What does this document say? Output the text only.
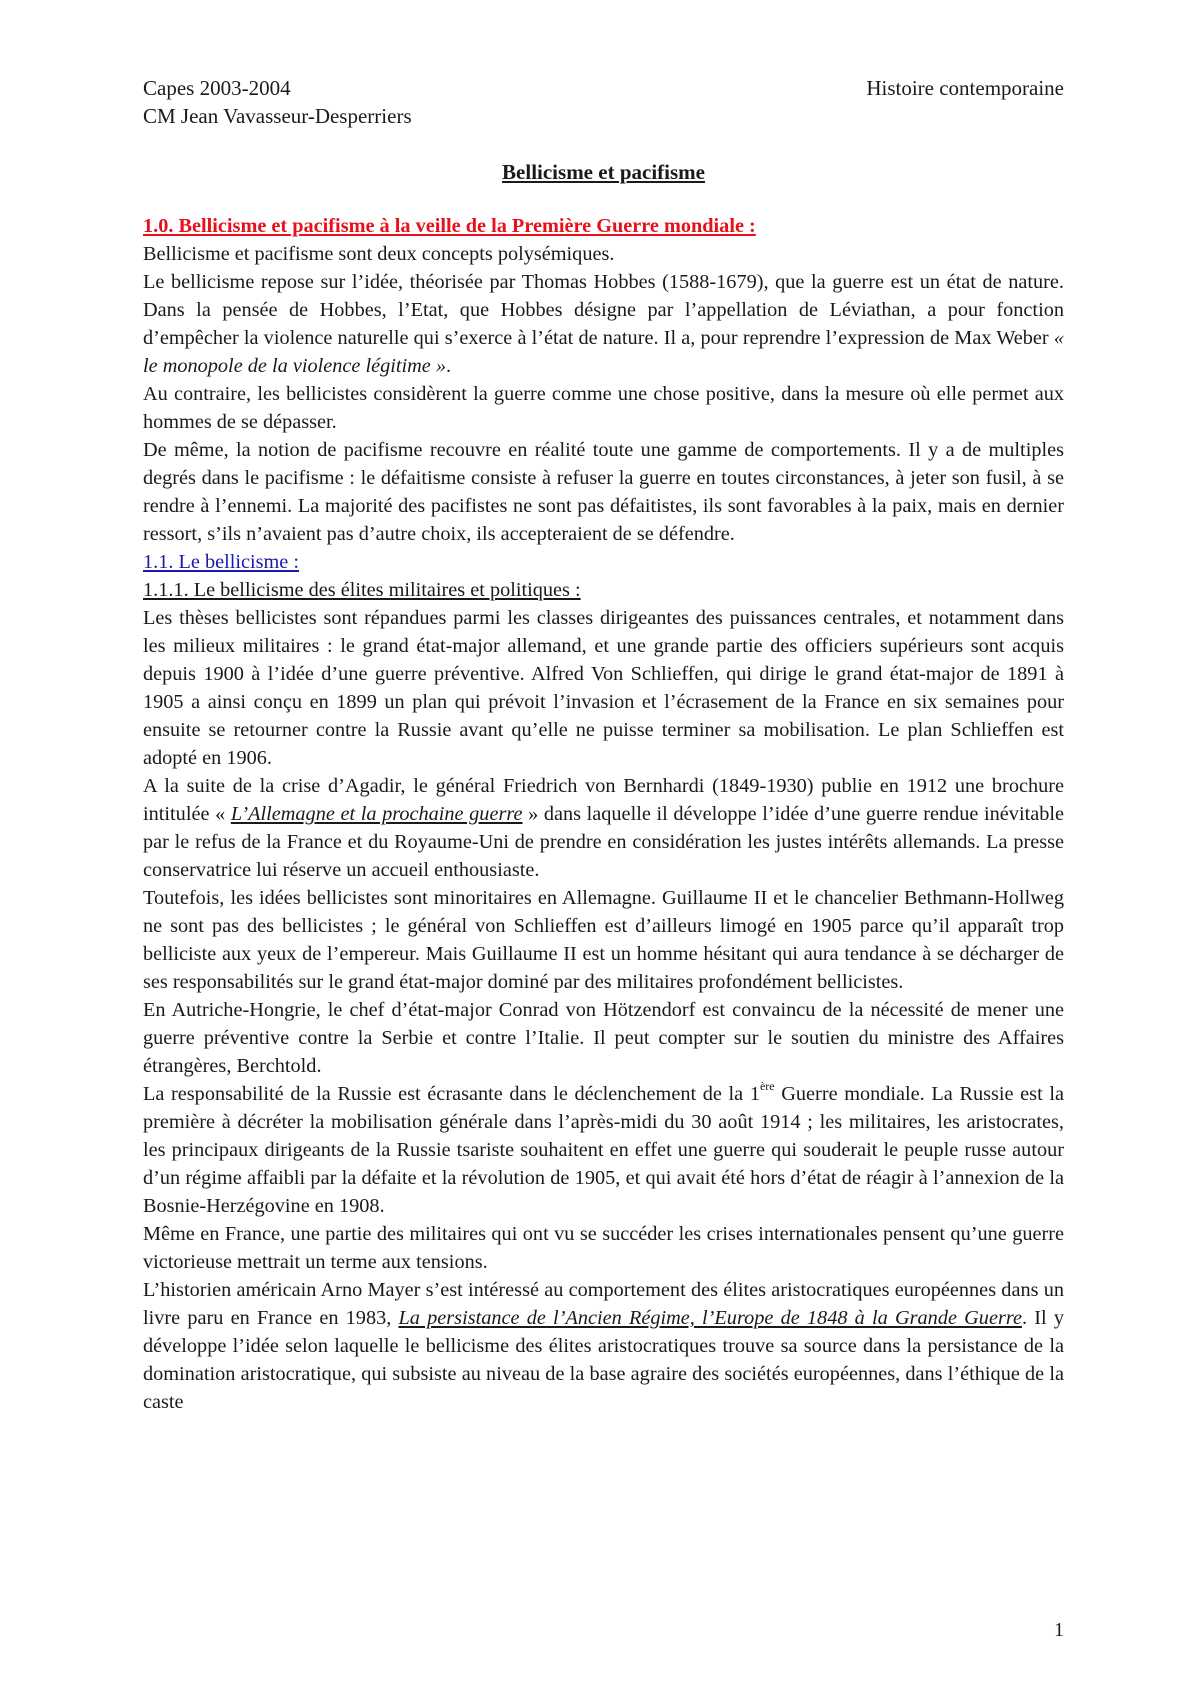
Capes 2003-2004
CM Jean Vavasseur-Desperriers
Histoire contemporaine
Bellicisme et pacifisme

1.0. Bellicisme et pacifisme à la veille de la Première Guerre mondiale :

Bellicisme et pacifisme sont deux concepts polysémiques.

Le bellicisme repose sur l’idée, théorisée par Thomas Hobbes (1588-1679), que la guerre est un état de nature. Dans la pensée de Hobbes, l’Etat, que Hobbes désigne par l’appellation de Léviathan, a pour fonction d’empêcher la violence naturelle qui s’exerce à l’état de nature. Il a, pour reprendre l’expression de Max Weber « le monopole de la violence légitime ».

Au contraire, les bellicistes considèrent la guerre comme une chose positive, dans la mesure où elle permet aux hommes de se dépasser.

De même, la notion de pacifisme recouvre en réalité toute une gamme de comportements. Il y a de multiples degrés dans le pacifisme : le défaitisme consiste à refuser la guerre en toutes circonstances, à jeter son fusil, à se rendre à l’ennemi. La majorité des pacifistes ne sont pas défaitistes, ils sont favorables à la paix, mais en dernier ressort, s’ils n’avaient pas d’autre choix, ils accepteraient de se défendre.

1.1. Le bellicisme :

1.1.1. Le bellicisme des élites militaires et politiques :

Les thèses bellicistes sont répandues parmi les classes dirigeantes des puissances centrales, et notamment dans les milieux militaires : le grand état-major allemand, et une grande partie des officiers supérieurs sont acquis depuis 1900 à l’idée d’une guerre préventive. Alfred Von Schlieffen, qui dirige le grand état-major de 1891 à 1905 a ainsi conçu en 1899 un plan qui prévoit l’invasion et l’écrasement de la France en six semaines pour ensuite se retourner contre la Russie avant qu’elle ne puisse terminer sa mobilisation. Le plan Schlieffen est adopté en 1906.

A la suite de la crise d’Agadir, le général Friedrich von Bernhardi (1849-1930) publie en 1912 une brochure intitulée « L’Allemagne et la prochaine guerre » dans laquelle il développe l’idée d’une guerre rendue inévitable par le refus de la France et du Royaume-Uni de prendre en considération les justes intérêts allemands. La presse conservatrice lui réserve un accueil enthousiaste.

Toutefois, les idées bellicistes sont minoritaires en Allemagne. Guillaume II et le chancelier Bethmann-Hollweg ne sont pas des bellicistes ; le général von Schlieffen est d’ailleurs limogé en 1905 parce qu’il apparaît trop belliciste aux yeux de l’empereur. Mais Guillaume II est un homme hésitant qui aura tendance à se décharger de ses responsabilités sur le grand état-major dominé par des militaires profondément bellicistes.

En Autriche-Hongrie, le chef d’état-major Conrad von Hötzendorf est convaincu de la nécessité de mener une guerre préventive contre la Serbie et contre l’Italie. Il peut compter sur le soutien du ministre des Affaires étrangères, Berchtold.

La responsabilité de la Russie est écrasante dans le déclenchement de la 1ère Guerre mondiale. La Russie est la première à décréter la mobilisation générale dans l’après-midi du 30 août 1914 ; les militaires, les aristocrates, les principaux dirigeants de la Russie tsariste souhaitent en effet une guerre qui souderait le peuple russe autour d’un régime affaibli par la défaite et la révolution de 1905, et qui avait été hors d’état de réagir à l’annexion de la Bosnie-Herzégovine en 1908.

Même en France, une partie des militaires qui ont vu se succéder les crises internationales pensent qu’une guerre victorieuse mettrait un terme aux tensions.

L’historien américain Arno Mayer s’est intéressé au comportement des élites aristocratiques européennes dans un livre paru en France en 1983, La persistance de l’Ancien Régime, l’Europe de 1848 à la Grande Guerre. Il y développe l’idée selon laquelle le bellicisme des élites aristocratiques trouve sa source dans la persistance de la domination aristocratique, qui subsiste au niveau de la base agraire des sociétés européennes, dans l’éthique de la caste

1
